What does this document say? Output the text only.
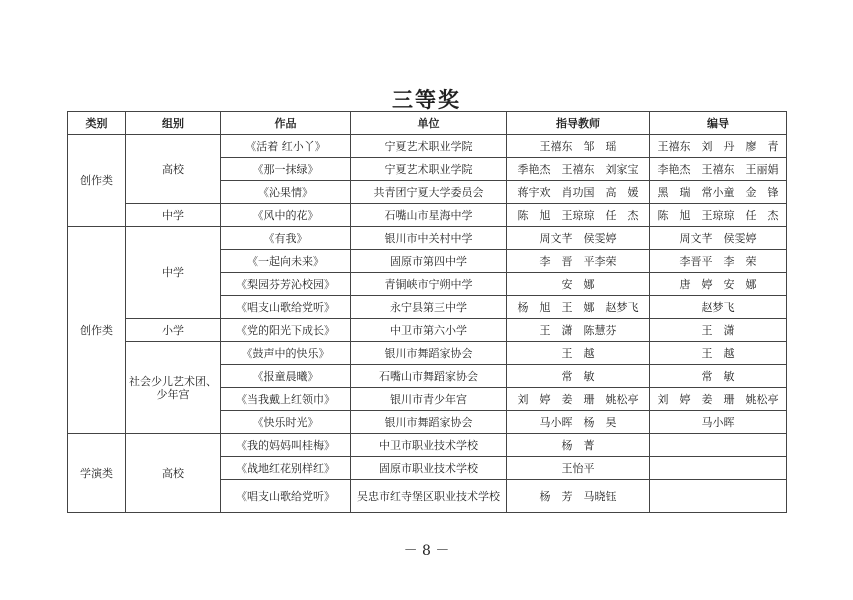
三等奖
类别	组别	作品	单位	指导教师	编导
创作类	高校	《活着 红小丫》	宁夏艺术职业学院	王禧东　邹　瑶	王禧东　刘　丹　廖　青
		《那一抹绿》	宁夏艺术职业学院	季艳杰　王禧东　刘家宝	李艳杰　王禧东　王丽娟
		《沁果情》	共青团宁夏大学委员会	蒋宇欢　肖功国　高　媛	黑　瑞　常小童　金　锋
	中学	《风中的花》	石嘴山市星海中学	陈　旭　王琼琼　任　杰	陈　旭　王琼琼　任　杰
创作类	中学	《有我》	银川市中关村中学	周文芊　侯雯婷	周文芊　侯雯婷
		《一起向未来》	固原市第四中学	李　晋　平李荣	李晋平　李　荣
		《梨园芬芳沁校园》	青铜峡市宁朔中学	安　娜	唐　婷　安　娜
		《唱支山歌给党听》	永宁县第三中学	杨　旭　王　娜　赵梦飞	赵梦飞
	小学	《党的阳光下成长》	中卫市第六小学	王　潇　陈慧芬	王　潇
	社会少儿艺术团、少年宫	《鼓声中的快乐》	银川市舞蹈家协会	王　越	王　越
		《报童晨曦》	石嘴山市舞蹈家协会	常　敏	常　敏
		《当我戴上红领巾》	银川市青少年宫	刘　婷　姜　珊　姚松亭	刘　婷　姜　珊　姚松亭
		《快乐时光》	银川市舞蹈家协会	马小晖　杨　昊	马小晖
学演类	高校	《我的妈妈叫桂梅》	中卫市职业技术学校	杨　菁	
		《战地红花别样红》	固原市职业技术学校	王怡平	
		《唱支山歌给党听》	吴忠市红寺堡区职业技术学校	杨　芳　马晓钰	
－ 8 －
